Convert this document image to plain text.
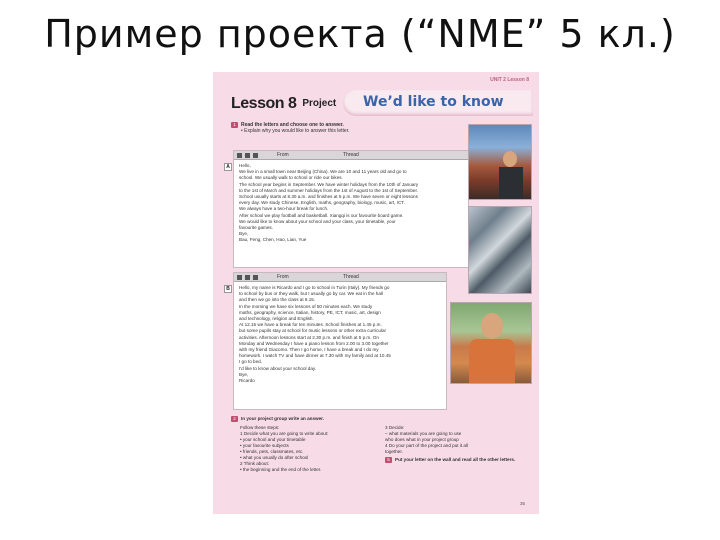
Пример проекта (“NME” 5 кл.)
UNIT 2 Lesson 8
We’d like to know
Lesson 8 Project
1 Read the letters and choose one to answer.
• Explain why you would like to answer this letter.
A
From	Thread
Hello,
We live in a small town near Beijing (China). We are 10 and 11 years old and go to
school. We usually walk to school or ride our bikes.
The school year begins in September. We have winter holidays from the 10th of January
to the 1st of March and summer holidays from the 1st of August to the 1st of September.
School usually starts at 8.30 a.m. and finishes at 5 p.m. We have seven or eight lessons
every day. We study Chinese, English, maths, geography, biology, music, art, ICT.
We always have a two-hour break for lunch.
After school we play football and basketball. Xiangqi is our favourite board game.
We would like to know about your school and your class, your timetable, your
favourite games.
Bye,
Bau, Feng, Chen, Hao, Lian, Yue
B
From	Thread
Hello, my name is Ricardo and I go to school in Turin (Italy). My friends go
to school by bus or they walk, but I usually go by car. We eat in the hall
and then we go into the class at 8.15.
In the morning we have six lessons of 50 minutes each. We study
maths, geography, science, Italian, history, PE, ICT, music, art, design
and technology, religion and English.
At 12.15 we have a break for ten minutes. School finishes at 1.45 p.m.
but some pupils stay at school for music lessons or other extra curricular
activities. Afternoon lessons start at 2.30 p.m. and finish at 5 p.m. On
Monday and Wednesday I have a piano lesson from 2.00 to 3.00 together
with my friend Giacomo. Then I go home, I have a break and I do my
homework. I watch TV and have dinner at 7.30 with my family and at 10.45
I go to bed.
I'd like to know about your school day.
Bye,
Ricardo
2 In your project group write an answer.
Follow these steps:
1 Decide what you are going to write about:
• your school and your timetable
• your favourite subjects
• friends, pets, classmates, etc.
• what you usually do after school
2 Think about:
• the beginning and the end of the letter.
3 Decide:
– what materials you are going to use
who does what in your project group
4 Do your part of the project and put it all
together.
5 Put your letter on the wall and read all the other letters.
35
